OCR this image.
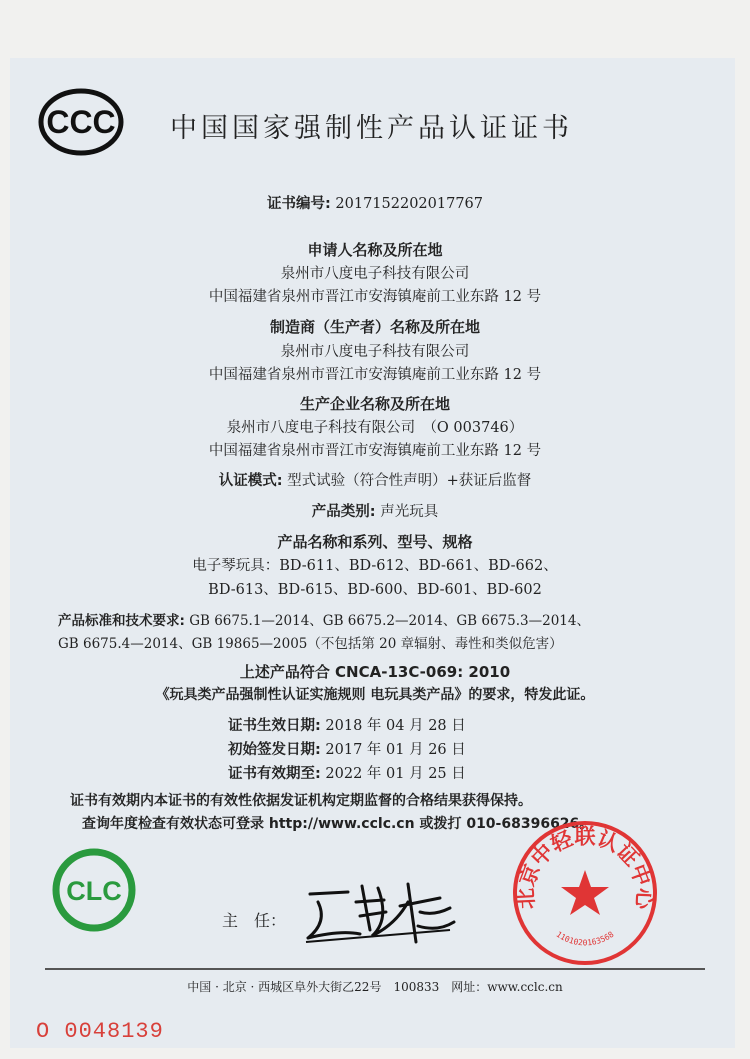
CCC 中国国家强制性产品认证证书
证书编号: 2017152202017767
申请人名称及所在地
泉州市八度电子科技有限公司
中国福建省泉州市晋江市安海镇庵前工业东路 12 号
制造商（生产者）名称及所在地
泉州市八度电子科技有限公司
中国福建省泉州市晋江市安海镇庵前工业东路 12 号
生产企业名称及所在地
泉州市八度电子科技有限公司　 （O 003746）
中国福建省泉州市晋江市安海镇庵前工业东路 12 号
认证模式: 型式试验（符合性声明）+获证后监督
产品类别: 声光玩具
产品名称和系列、型号、规格
电子琴玩具：BD-611、BD-612、BD-661、BD-662、
BD-613、BD-615、BD-600、BD-601、BD-602
产品标准和技术要求: GB 6675.1—2014、GB 6675.2—2014、GB 6675.3—2014、
GB 6675.4—2014、GB 19865—2005（不包括第 20 章辐射、毒性和类似危害）
上述产品符合 CNCA-13C-069: 2010
《玩具类产品强制性认证实施规则 电玩具类产品》的要求，特发此证。
证书生效日期: 2018 年 04 月 28 日
初始签发日期: 2017 年 01 月 26 日
证书有效期至: 2022 年 01 月 25 日
证书有效期内本证书的有效性依据发证机构定期监督的合格结果获得保持。
查询年度检查有效状态可登录 http://www.cclc.cn 或拨打 010-68396626。
CLC
主　任：
北京中轻联认证中心
1101020163568
中国 · 北京 · 西城区阜外大街乙22号　100833　网址：www.cclc.cn
O 0048139
